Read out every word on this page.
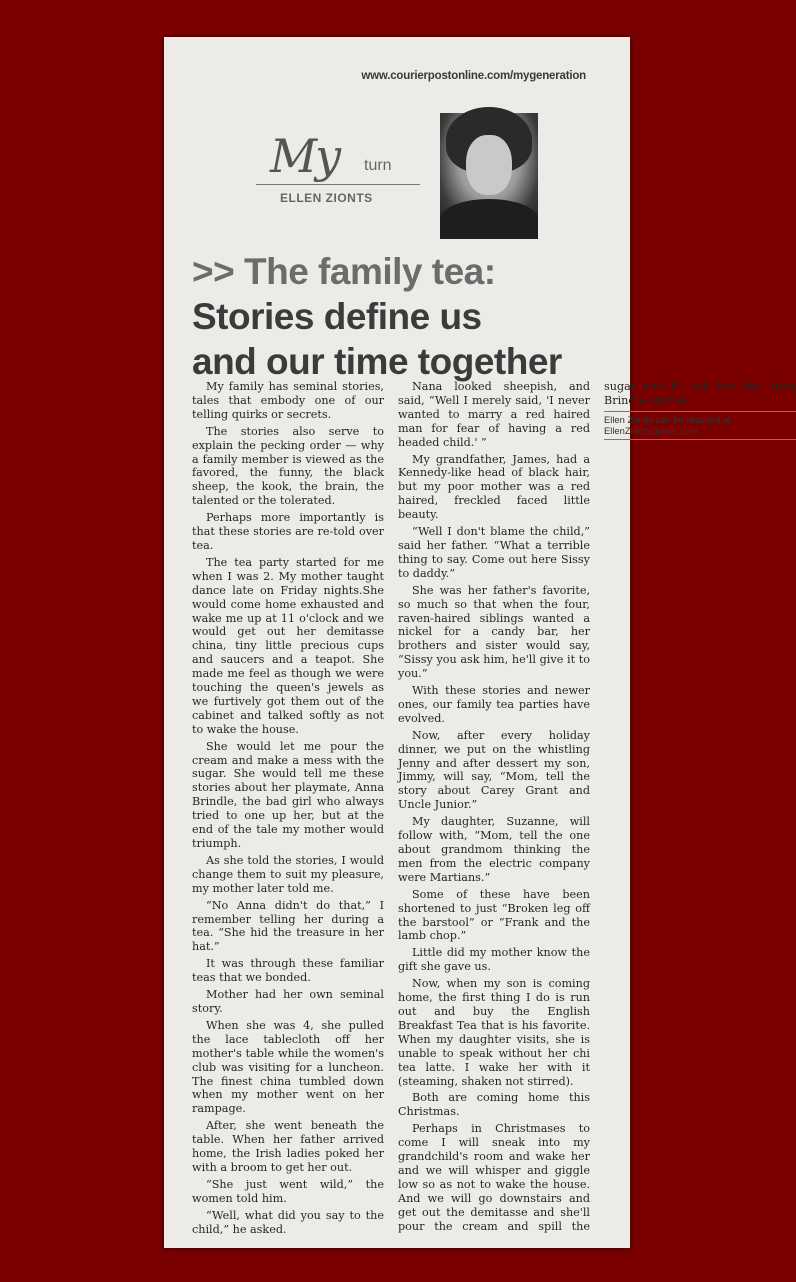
www.courierpostonline.com/mygeneration
My turn
ELLEN ZIONTS
>> The family tea:
Stories define us
and our time together

My family has seminal stories, tales that embody one of our telling quirks or secrets.

The stories also serve to explain the pecking order — why a family member is viewed as the favored, the funny, the black sheep, the kook, the brain, the talented or the tolerated.

Perhaps more importantly is that these stories are re-told over tea.

The tea party started for me when I was 2. My mother taught dance late on Friday nights.She would come home exhausted and wake me up at 11 o'clock and we would get out her demitasse china, tiny little precious cups and saucers and a teapot. She made me feel as though we were touching the queen's jewels as we furtively got them out of the cabinet and talked softly as not to wake the house.

She would let me pour the cream and make a mess with the sugar. She would tell me these stories about her playmate, Anna Brindle, the bad girl who always tried to one up her, but at the end of the tale my mother would triumph.

As she told the stories, I would change them to suit my pleasure, my mother later told me.

“No Anna didn't do that,” I remember telling her during a tea. “She hid the treasure in her hat.”

It was through these familiar teas that we bonded.

Mother had her own seminal story.

When she was 4, she pulled the lace tablecloth off her mother's table while the women's club was visiting for a luncheon. The finest china tumbled down when my mother went on her rampage.

After, she went beneath the table. When her father arrived home, the Irish ladies poked her with a broom to get her out.

“She just went wild,” the women told him.

“Well, what did you say to the child,” he asked.

Nana looked sheepish, and said, “Well I merely said, 'I never wanted to marry a red haired man for fear of having a red headed child.' ”

My grandfather, James, had a Kennedy-like head of black hair, but my poor mother was a red haired, freckled faced little beauty.

“Well I don't blame the child,” said her father. “What a terrible thing to say. Come out here Sissy to daddy.”

She was her father's favorite, so much so that when the four, raven-haired siblings wanted a nickel for a candy bar, her brothers and sister would say, “Sissy you ask him, he'll give it to you.”

With these stories and newer ones, our family tea parties have evolved.

Now, after every holiday dinner, we put on the whistling Jenny and after dessert my son, Jimmy, will say, “Mom, tell the story about Carey Grant and Uncle Junior.”

My daughter, Suzanne, will follow with, “Mom, tell the one about grandmom thinking the men from the electric company were Martians.”

Some of these have been shortened to just “Broken leg off the barstool” or “Frank and the lamb chop.”

Little did my mother know the gift she gave us.

Now, when my son is coming home, the first thing I do is run out and buy the English Breakfast Tea that is his favorite. When my daughter visits, she is unable to speak without her chi tea latte. I wake her with it (steaming, shaken not stirred).

Both are coming home this Christmas.

Perhaps in Christmases to come I will sneak into my grandchild's room and wake her and we will whisper and giggle low so as not to wake the house. And we will go downstairs and get out the demitasse and she'll pour the cream and spill the sugar and I'll tell her the Anna Brindle stories.

Ellen Zionts can be reached at
EllenZionts@mac.com.
